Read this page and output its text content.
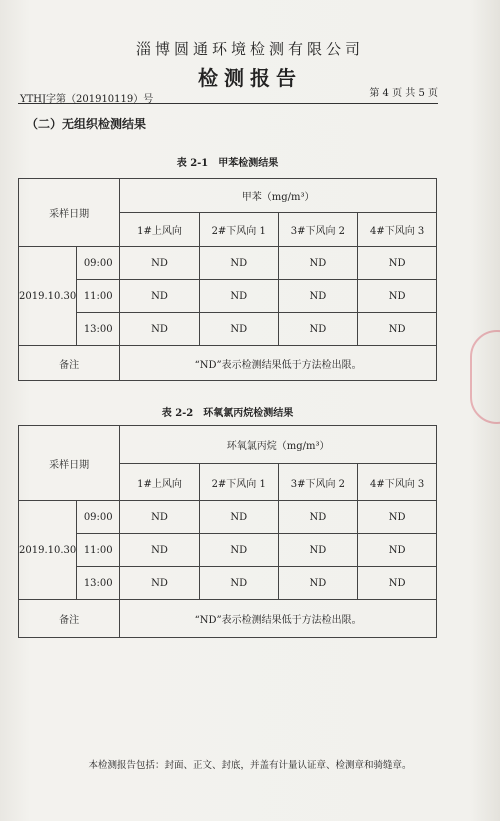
淄博圆通环境检测有限公司
检测报告
第 4 页 共 5 页
YTHJ字第（201910119）号
（二）无组织检测结果
表 2-1　甲苯检测结果
采样日期		甲苯（mg/m³）			
		1#上风向	2#下风向 1	3#下风向 2	4#下风向 3
2019.10.30	09:00	ND	ND	ND	ND
	11:00	ND	ND	ND	ND
	13:00	ND	ND	ND	ND
备注		“ND”表示检测结果低于方法检出限。			
表 2-2　环氧氯丙烷检测结果
采样日期		环氧氯丙烷（mg/m³）			
		1#上风向	2#下风向 1	3#下风向 2	4#下风向 3
2019.10.30	09:00	ND	ND	ND	ND
	11:00	ND	ND	ND	ND
	13:00	ND	ND	ND	ND
备注		“ND”表示检测结果低于方法检出限。			
本检测报告包括：封面、正文、封底，并盖有计量认证章、检测章和骑缝章。
